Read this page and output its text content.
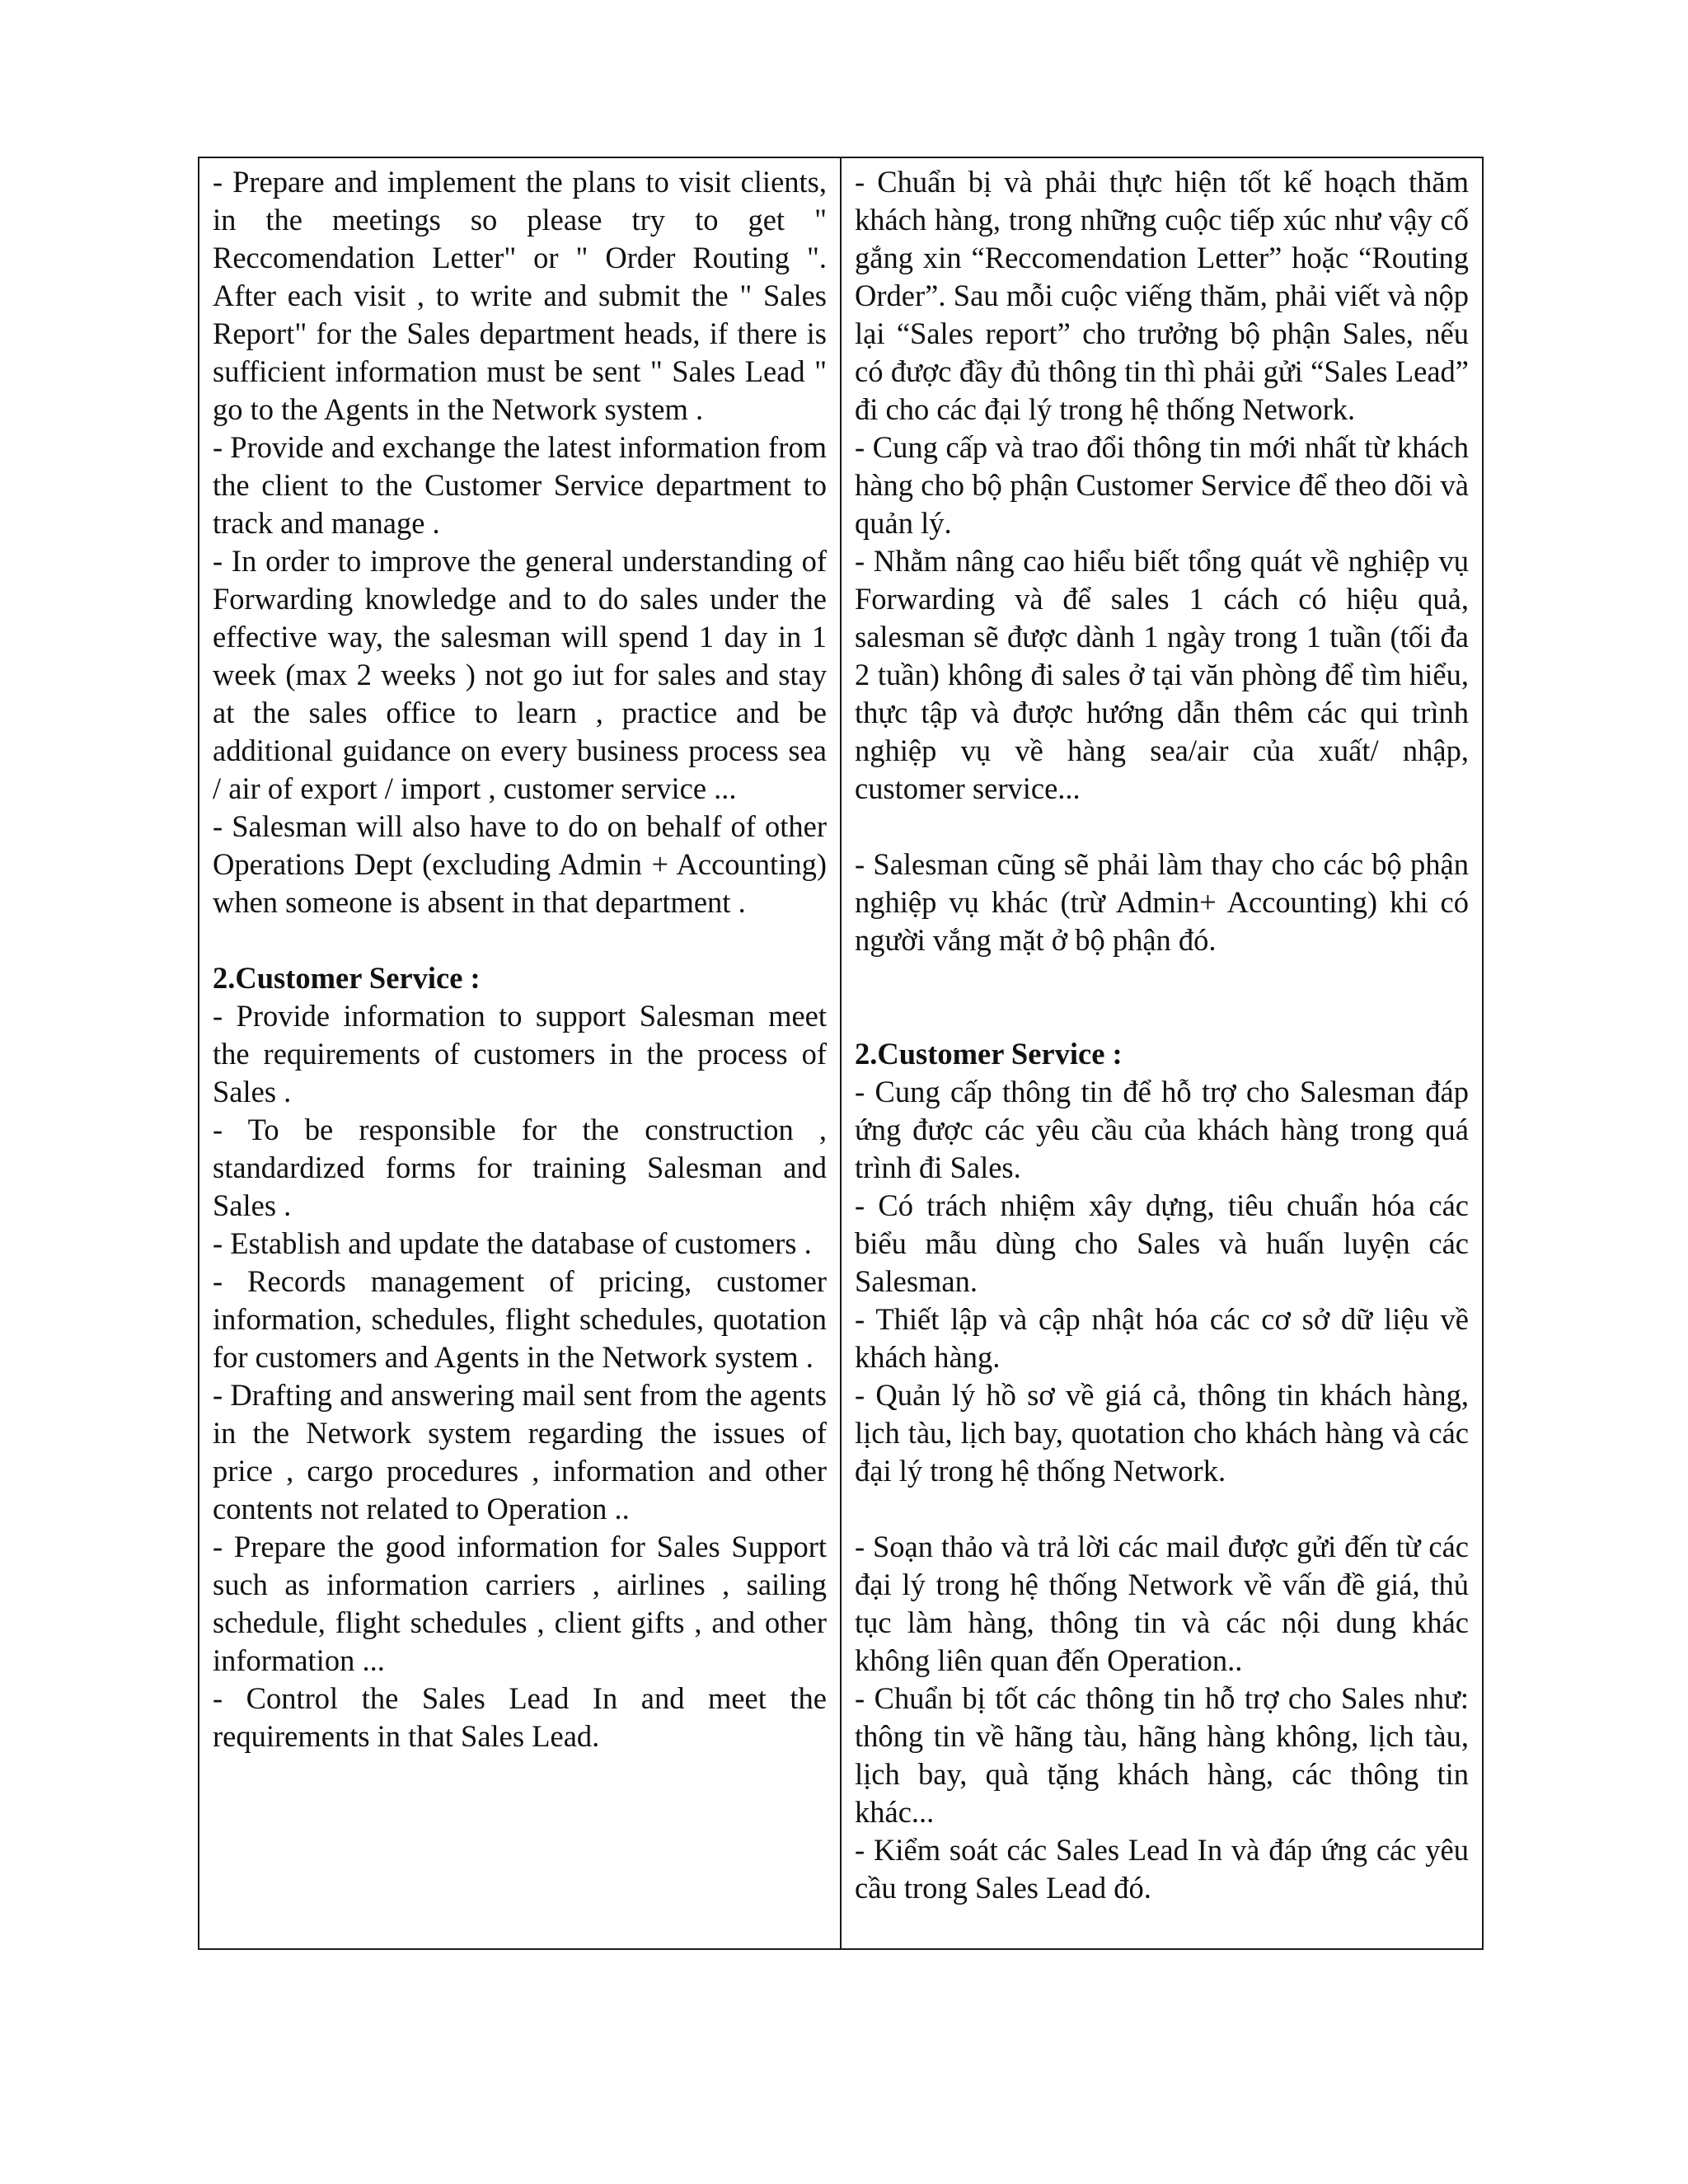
- Prepare and implement the plans to visit clients, in the meetings so please try to get " Reccomendation Letter" or " Order Routing ". After each visit , to write and submit the " Sales Report" for the Sales department heads, if there is sufficient information must be sent " Sales Lead " go to the Agents in the Network system .

- Provide and exchange the latest information from the client to the Customer Service department to track and manage .

- In order to improve the general understanding of Forwarding knowledge and to do sales under the effective way, the salesman will spend 1 day in 1 week (max 2 weeks ) not go iut for sales and stay at the sales office to learn , practice and be additional guidance on every business process sea / air of export / import , customer service ...

- Salesman will also have to do on behalf of other Operations Dept (excluding Admin + Accounting) when someone is absent in that department .

2.Customer Service :

- Provide information to support Salesman meet the requirements of customers in the process of Sales .

- To be responsible for the construction , standardized forms for training Salesman and Sales .

- Establish and update the database of customers .

- Records management of pricing, customer information, schedules, flight schedules, quotation for customers and Agents in the Network system .

- Drafting and answering mail sent from the agents in the Network system regarding the issues of price , cargo procedures , information and other contents not related to Operation ..

- Prepare the good information for Sales Support such as information carriers , airlines , sailing schedule, flight schedules , client gifts , and other information ...

- Control the Sales Lead In and meet the requirements in that Sales Lead.

- Chuẩn bị và phải thực hiện tốt kế hoạch thăm khách hàng, trong những cuộc tiếp xúc như vậy cố gắng xin “Reccomendation Letter” hoặc “Routing Order”. Sau mỗi cuộc viếng thăm, phải viết và nộp lại “Sales report” cho trưởng bộ phận Sales, nếu có được đầy đủ thông tin thì phải gửi “Sales Lead” đi cho các đại lý trong hệ thống Network.

- Cung cấp và trao đổi thông tin mới nhất từ khách hàng cho bộ phận Customer Service để theo dõi và quản lý.

- Nhằm nâng cao hiểu biết tổng quát về nghiệp vụ Forwarding và để sales 1 cách có hiệu quả, salesman sẽ được dành 1 ngày trong 1 tuần (tối đa 2 tuần) không đi sales ở tại văn phòng để tìm hiểu, thực tập và được hướng dẫn thêm các qui trình nghiệp vụ về hàng sea/air của xuất/ nhập, customer service...

- Salesman cũng sẽ phải làm thay cho các bộ phận nghiệp vụ khác (trừ Admin+ Accounting) khi có người vắng mặt ở bộ phận đó.

2.Customer Service :

- Cung cấp thông tin để hỗ trợ cho Salesman đáp ứng được các yêu cầu của khách hàng trong quá trình đi Sales.

- Có trách nhiệm xây dựng, tiêu chuẩn hóa các biểu mẫu dùng cho Sales và huấn luyện các Salesman.

- Thiết lập và cập nhật hóa các cơ sở dữ liệu về khách hàng.

- Quản lý hồ sơ về giá cả, thông tin khách hàng, lịch tàu, lịch bay, quotation cho khách hàng và các đại lý trong hệ thống Network.

- Soạn thảo và trả lời các mail được gửi đến từ các đại lý trong hệ thống Network về vấn đề giá, thủ tục làm hàng, thông tin và các nội dung khác không liên quan đến Operation..

- Chuẩn bị tốt các thông tin hỗ trợ cho Sales như: thông tin về hãng tàu, hãng hàng không, lịch tàu, lịch bay, quà tặng khách hàng, các thông tin khác...

- Kiểm soát các Sales Lead In và đáp ứng các yêu cầu trong Sales Lead đó.
